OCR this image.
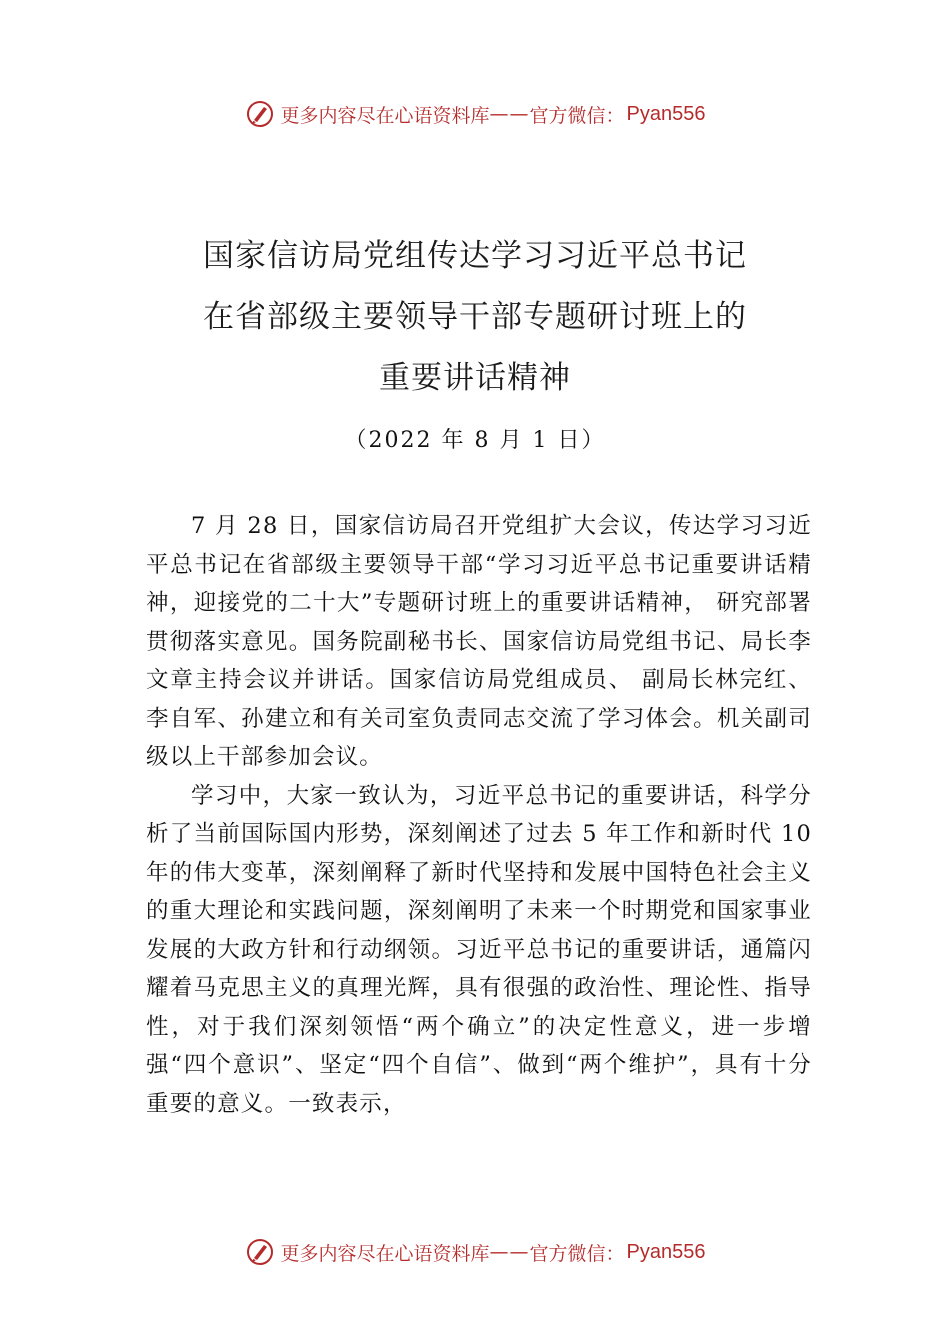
更多内容尽在心语资料库 —— 官方微信： Pyan556
国家信访局党组传达学习习近平总书记
在省部级主要领导干部专题研讨班上的
重要讲话精神
（2022 年 8 月 1 日）

7 月 28 日，国家信访局召开党组扩大会议，传达学习习近平总书记在省部级主要领导干部“学习习近平总书记重要讲话精神，迎接党的二十大”专题研讨班上的重要讲话精神， 研究部署贯彻落实意见。国务院副秘书长、国家信访局党组书记、局长李文章主持会议并讲话。国家信访局党组成员、 副局长林完红、李自军、孙建立和有关司室负责同志交流了学习体会。机关副司级以上干部参加会议。

学习中，大家一致认为，习近平总书记的重要讲话，科学分析了当前国际国内形势，深刻阐述了过去 5 年工作和新时代 10 年的伟大变革，深刻阐释了新时代坚持和发展中国特色社会主义的重大理论和实践问题，深刻阐明了未来一个时期党和国家事业发展的大政方针和行动纲领。习近平总书记的重要讲话，通篇闪耀着马克思主义的真理光辉，具有很强的政治性、理论性、指导性，对于我们深刻领悟“两个确立”的决定性意义，进一步增强“四个意识”、坚定“四个自信”、做到“两个维护”，具有十分重要的意义。一致表示，

更多内容尽在心语资料库 —— 官方微信： Pyan556
